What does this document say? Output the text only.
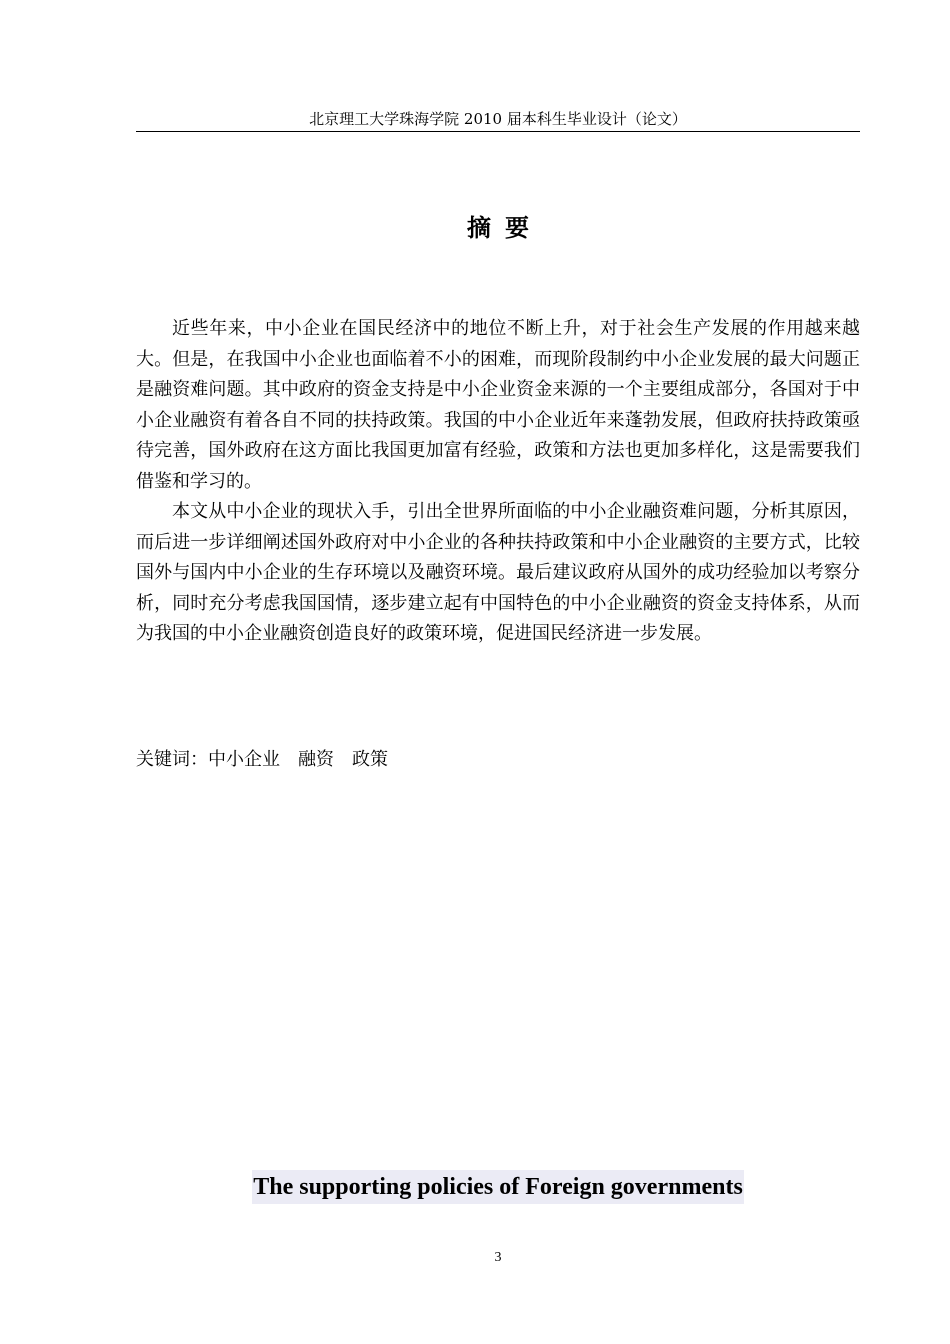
北京理工大学珠海学院 2010 届本科生毕业设计（论文）
摘要

近些年来，中小企业在国民经济中的地位不断上升，对于社会生产发展的作用越来越大。但是，在我国中小企业也面临着不小的困难，而现阶段制约中小企业发展的最大问题正是融资难问题。其中政府的资金支持是中小企业资金来源的一个主要组成部分，各国对于中小企业融资有着各自不同的扶持政策。我国的中小企业近年来蓬勃发展，但政府扶持政策亟待完善，国外政府在这方面比我国更加富有经验，政策和方法也更加多样化，这是需要我们借鉴和学习的。

本文从中小企业的现状入手，引出全世界所面临的中小企业融资难问题，分析其原因，而后进一步详细阐述国外政府对中小企业的各种扶持政策和中小企业融资的主要方式，比较国外与国内中小企业的生存环境以及融资环境。最后建议政府从国外的成功经验加以考察分析，同时充分考虑我国国情，逐步建立起有中国特色的中小企业融资的资金支持体系，从而为我国的中小企业融资创造良好的政策环境，促进国民经济进一步发展。

关键词：中小企业　融资　政策
The supporting policies of Foreign governments
3
